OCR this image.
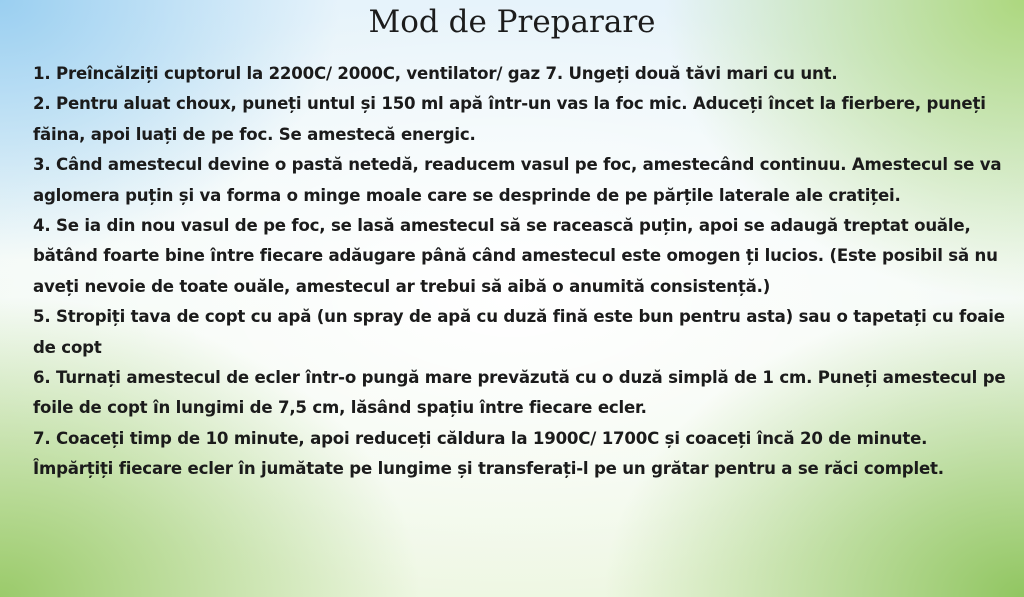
Mod de Preparare
1. Preîncălziți cuptorul la 2200C/ 2000C, ventilator/ gaz 7. Ungeți două tăvi mari cu unt.
2. Pentru aluat choux, puneți untul și 150 ml apă într-un vas la foc mic. Aduceți încet la fierbere, puneți făina, apoi luați de pe foc. Se amestecă energic.
3. Când amestecul devine o pastă netedă, readucem vasul pe foc, amestecând continuu. Amestecul se va aglomera puțin și va forma o minge moale care se desprinde de pe părțile laterale ale cratiței.
4. Se ia din nou vasul de pe foc, se lasă amestecul să se racească puțin, apoi se adaugă treptat ouăle, bătând foarte bine între fiecare adăugare până când amestecul este omogen ți lucios. (Este posibil să nu aveți nevoie de toate ouăle, amestecul ar trebui să aibă o anumită consistență.)
5. Stropiți tava de copt cu apă (un spray de apă cu duză fină este bun pentru asta) sau o tapetați cu foaie de copt
6. Turnați amestecul de ecler într-o pungă mare prevăzută cu o duză simplă de 1 cm. Puneți amestecul pe foile de copt în lungimi de 7,5 cm, lăsând spațiu între fiecare ecler.
7. Coaceți timp de 10 minute, apoi reduceți căldura la 1900C/ 1700C și coaceți încă 20 de minute. Împărțiți fiecare ecler în jumătate pe lungime și transferați-l pe un grătar pentru a se răci complet.
